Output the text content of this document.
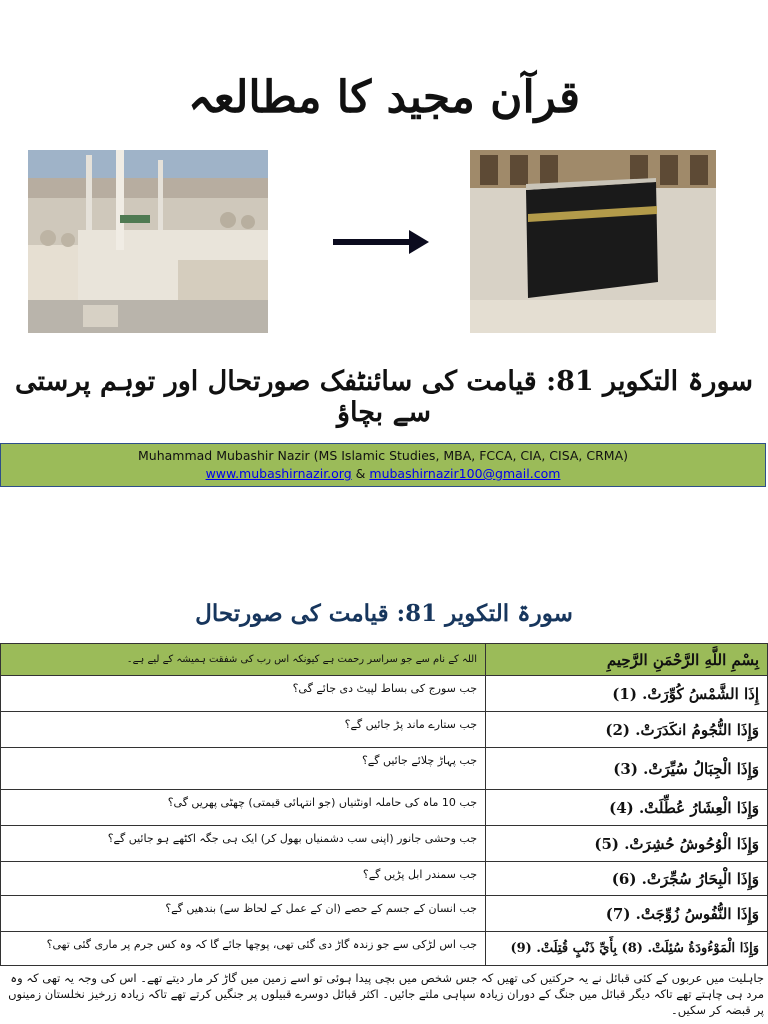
قرآن مجید کا مطالعہ
سورۃ التکویر 81: قیامت کی سائنٹفک صورتحال اور توہم پرستی سے بچاؤ
Muhammad Mubashir Nazir (MS Islamic Studies, MBA, FCCA, CIA, CISA, CRMA)
www.mubashirnazir.org & mubashirnazir100@gmail.com
سورۃ التکویر 81: قیامت کی صورتحال
اللہ کے نام سے جو سراسر رحمت ہے کیونکہ اس رب کی شفقت ہمیشہ کے لیے ہے۔	بِسْمِ اللَّهِ الرَّحْمَنِ الرَّحِيمِ
جب سورج کی بساط لپیٹ دی جائے گی؟	إِذَا الشَّمْسُ كُوِّرَتْ. (1)
جب ستارے ماند پڑ جائیں گے؟	وَإِذَا النُّجُومُ انكَدَرَتْ. (2)
جب پہاڑ چلائے جائیں گے؟	وَإِذَا الْجِبَالُ سُيِّرَتْ. (3)
جب 10 ماہ کی حاملہ اونٹنیاں (جو انتہائی قیمتی) چھٹی پھریں گی؟	وَإِذَا الْعِشَارُ عُطِّلَتْ. (4)
جب وحشی جانور (اپنی سب دشمنیاں بھول کر) ایک ہی جگہ اکٹھے ہو جائیں گے؟	وَإِذَا الْوُحُوشُ حُشِرَتْ. (5)
جب سمندر ابل پڑیں گے؟	وَإِذَا الْبِحَارُ سُجِّرَتْ. (6)
جب انسان کے جسم کے حصے (ان کے عمل کے لحاظ سے) بندھیں گے؟	وَإِذَا النُّفُوسُ زُوِّجَتْ. (7)
جب اس لڑکی سے جو زندہ گاڑ دی گئی تھی، پوچھا جائے گا کہ وہ کس جرم پر ماری گئی تھی؟	وَإِذَا الْمَوْءُودَةُ سُئِلَتْ. (8) بِأَيِّ ذَنْبٍ قُتِلَتْ. (9)
جاہلیت میں عربوں کے کئی قبائل نے یہ حرکتیں کی تھیں کہ جس شخص میں بچی پیدا ہوئی تو اسے زمین میں گاڑ کر مار دیتے تھے۔ اس کی وجہ یہ تھی کہ وہ مرد ہی چاہتے تھے تاکہ دیگر قبائل میں جنگ کے دوران زیادہ سپاہی ملتے جائیں۔ اکثر قبائل دوسرے قبیلوں پر جنگیں کرتے تھے تاکہ زیادہ زرخیز نخلستان زمینوں پر قبضہ کر سکیں۔
